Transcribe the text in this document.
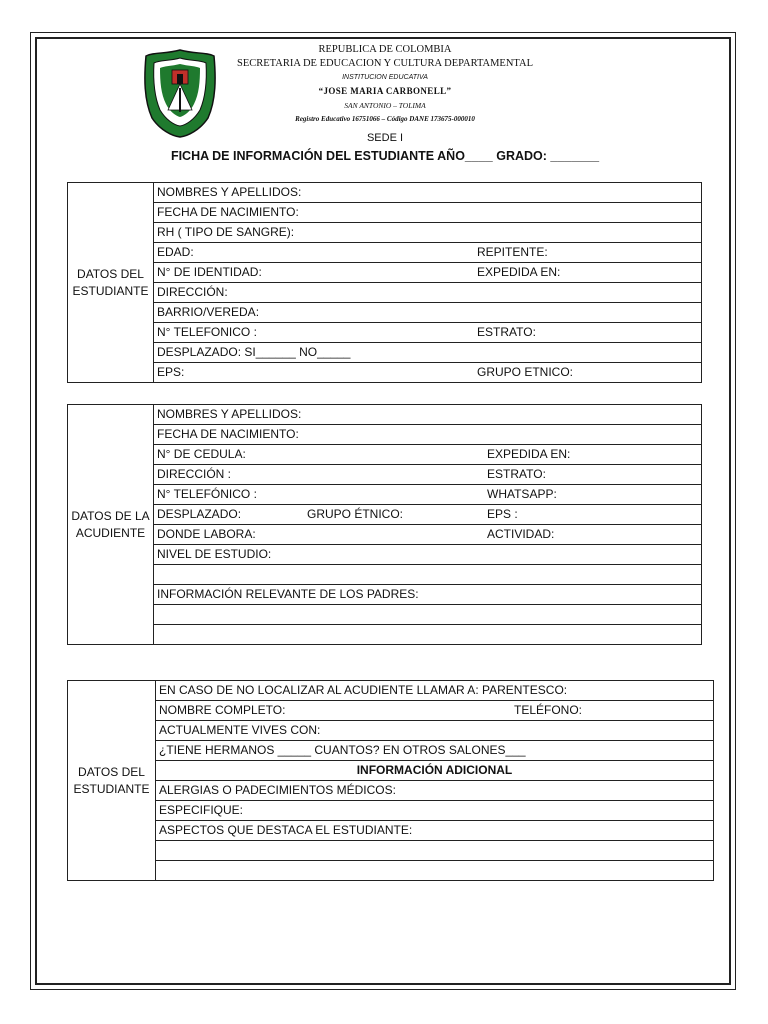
REPUBLICA DE COLOMBIA
SECRETARIA DE EDUCACION Y CULTURA DEPARTAMENTAL
INSTITUCION EDUCATIVA
“JOSE MARIA CARBONELL”
SAN ANTONIO – TOLIMA
Registro Educativo 16751066 – Código DANE 173675-000010
SEDE I
FICHA DE INFORMACIÓN DEL ESTUDIANTE AÑO____ GRADO: _______
DATOS DEL ESTUDIANTE	
NOMBRES Y APELLIDOS:

FECHA DE NACIMIENTO:

RH ( TIPO DE SANGRE):

EDAD:	REPITENTE:

N° DE IDENTIDAD:	EXPEDIDA EN:

DIRECCIÓN:

BARRIO/VEREDA:

N° TELEFONICO :	ESTRATO:

DESPLAZADO: SI______ NO_____

EPS:	GRUPO ETNICO:
DATOS DE LA ACUDIENTE	
NOMBRES Y APELLIDOS:

FECHA DE NACIMIENTO:

N° DE CEDULA:	EXPEDIDA EN:

DIRECCIÓN :	ESTRATO:

N° TELEFÓNICO :	WHATSAPP:

DESPLAZADO:	GRUPO ÉTNICO:	EPS :

DONDE LABORA:	ACTIVIDAD:

NIVEL DE ESTUDIO:

INFORMACIÓN RELEVANTE DE LOS PADRES:

DATOS DEL ESTUDIANTE	
EN CASO DE NO LOCALIZAR AL ACUDIENTE LLAMAR A: PARENTESCO:

NOMBRE COMPLETO:	TELÉFONO:

ACTUALMENTE VIVES CON:

¿TIENE HERMANOS _____ CUANTOS? EN OTROS SALONES___

INFORMACIÓN ADICIONAL

ALERGIAS O PADECIMIENTOS MÉDICOS:

ESPECIFIQUE:

ASPECTOS QUE DESTACA EL ESTUDIANTE:
